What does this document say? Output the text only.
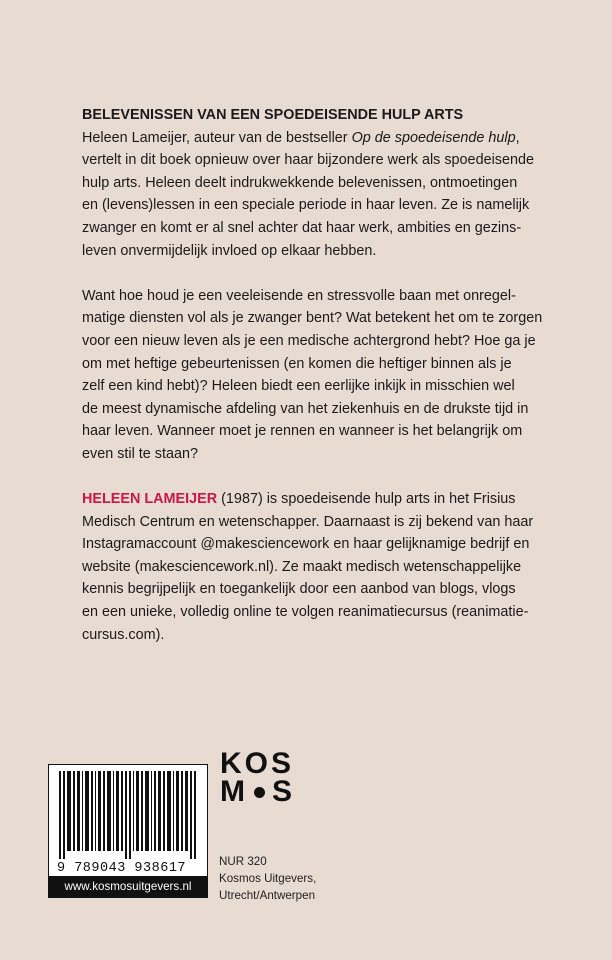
BELEVENISSEN VAN EEN SPOEDEISENDE HULP ARTS

Heleen Lameijer, auteur van de bestseller Op de spoedeisende hulp,
vertelt in dit boek opnieuw over haar bijzondere werk als spoedeisende
hulp arts. Heleen deelt indrukwekkende belevenissen, ontmoetingen
en (levens)lessen in een speciale periode in haar leven. Ze is namelijk
zwanger en komt er al snel achter dat haar werk, ambities en gezins-
leven onvermijdelijk invloed op elkaar hebben.

Want hoe houd je een veeleisende en stressvolle baan met onregel-
matige diensten vol als je zwanger bent? Wat betekent het om te zorgen
voor een nieuw leven als je een medische achtergrond hebt? Hoe ga je
om met heftige gebeurtenissen (en komen die heftiger binnen als je
zelf een kind hebt)? Heleen biedt een eerlijke inkijk in misschien wel
de meest dynamische afdeling van het ziekenhuis en de drukste tijd in
haar leven. Wanneer moet je rennen en wanneer is het belangrijk om
even stil te staan?

HELEEN LAMEIJER (1987) is spoedeisende hulp arts in het Frisius
Medisch Centrum en wetenschapper. Daarnaast is zij bekend van haar
Instagramaccount @makesciencework en haar gelijknamige bedrijf en
website (makesciencework.nl). Ze maakt medisch wetenschappelijke
kennis begrijpelijk en toegankelijk door een aanbod van blogs, vlogs
en een unieke, volledig online te volgen reanimatiecursus (reanimatie-
cursus.com).

KOS
M S
9 789043 938617
www.kosmosuitgevers.nl
NUR 320
Kosmos Uitgevers,
Utrecht/Antwerpen
